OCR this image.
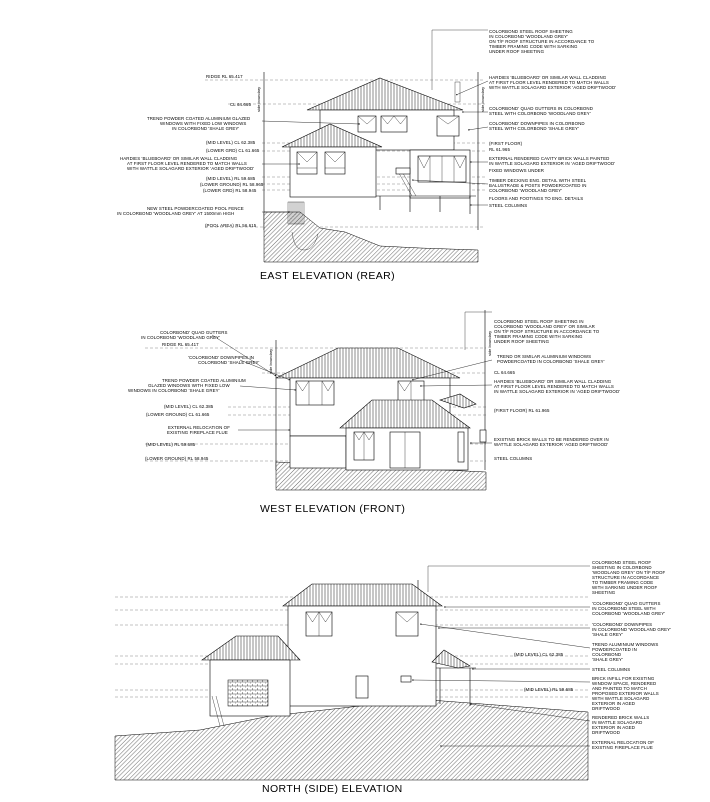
side boundary	side boundary
RIDGE RL 65.417
CL 64.665
TREND POWDER COATED ALUMINIUM GLAZED
WINDOWS WITH FIXED LOW WINDOWS
IN COLORBOND 'SHALE GREY'
(MID LEVEL) CL 62.385
(LOWER GRD) CL 61.665
HARDIES 'BLUEBOARD' OR SIMILAR WALL CLADDING
AT FIRST FLOOR LEVEL RENDERED TO MATCH WALLS
WITH WATTLE SOLAGARD EXTERIOR 'AGED DRIFTWOOD'
(MID LEVEL) RL 59.685
(LOWER GROUND) RL 58.965
(LOWER GRD) RL 58.945
NEW STEEL POWDERCOATED POOL FENCE
IN COLORBOND 'WOODLAND GREY' AT 1500mm HIGH
(POOL AREA) RL 56.615
COLORBOND STEEL ROOF SHEETING
IN COLORBOND 'WOODLAND GREY'
ON T/F ROOF STRUCTURE IN ACCORDANCE TO
TIMBER FRAMING CODE WITH SARKING
UNDER ROOF SHEETING
HARDIES 'BLUEBOARD' OR SIMILAR WALL CLADDING
AT FIRST FLOOR LEVEL RENDERED TO MATCH WALLS
WITH WATTLE SOLAGARD EXTERIOR 'AGED DRIFTWOOD'
COLORBOND' QUAD GUTTERS IN COLORBOND
STEEL WITH COLORBOND 'WOODLAND GREY'
COLORBOND' DOWNPIPES IN COLORBOND
STEEL WITH COLORBOND 'SHALE GREY'
(FIRST FLOOR)
RL 61.965
EXTERNAL RENDERED CAVITY BRICK WALLS PAINTED
IN WATTLE SOLAGARD EXTERIOR IN 'AGED DRIFTWOOD'
FIXED WINDOWS UNDER
TIMBER DECKING ENG. DETAIL WITH STEEL
BALUSTRADE & POSTS POWDERCOATED IN
COLORBOND 'WOODLAND GREY'
FLOORS AND FOOTINGS TO ENG. DETAILS
STEEL COLUMNS
EAST ELEVATION (REAR)
side boundary
side boundary
COLORBOND' QUAD GUTTERS
IN COLORBOND 'WOODLAND GREY'
RIDGE RL 65.417
'COLORBOND' DOWNPIPES IN
COLORBOND 'SHALE GREY'
TREND POWDER COATED ALUMINIUM
GLAZED WINDOWS WITH FIXED LOW
WINDOWS IN COLORBOND 'SHALE GREY'
(MID LEVEL) CL 62.385
(LOWER GROUND) CL 61.665
EXTERNAL RELOCATION OF
EXISTING FIREPLACE FLUE
(MID LEVEL) RL 59.685
(LOWER GROUND) RL 58.945
COLORBOND STEEL ROOF SHEETING IN
COLORBOND 'WOODLAND GREY' OR SIMILAR
ON T/F ROOF STRUCTURE IN ACCORDANCE TO
TIMBER FRAMING CODE WITH SARKING
UNDER ROOF SHEETING
TREND OR SIMILAR ALUMINIUM WINDOWS
POWDERCOATED IN COLORBOND 'SHALE GREY'
CL 64.665
HARDIES 'BLUEBOARD' OR SIMILAR WALL CLADDING
AT FIRST FLOOR LEVEL RENDERED TO MATCH WALLS
IN WATTLE SOLAGARD EXTERIOR IN 'AGED DRIFTWOOD'
(FIRST FLOOR) RL 61.965
EXISTING BRICK WALLS TO BE RENDERED OVER IN
WATTLE SOLAGARD EXTERIOR 'AGED DRIFTWOOD'
STEEL COLUMNS
WEST ELEVATION (FRONT)
COLORBOND STEEL ROOF
SHEETING IN COLORBOND
'WOODLAND GREY' ON T/F ROOF
STRUCTURE IN ACCORDANCE
TO TIMBER FRAMING CODE
WITH SARKING UNDER ROOF
SHEETING
'COLORBOND' QUAD GUTTERS
IN COLORBOND STEEL WITH
COLORBOND 'WOODLAND GREY'
'COLORBOND' DOWNPIPES
IN COLORBOND 'WOODLAND GREY'
'SHALE GREY'
TREND ALUMINIUM WINDOWS
POWDERCOATED IN
COLORBOND
'SHALE GREY'
STEEL COLUMNS
BRICK INFILL FOR EXISTING
WINDOW SPACE, RENDERED
AND PAINTED TO MATCH
PROPOSED EXTERIOR WALLS
WITH WATTLE SOLAGARD
EXTERIOR IN AGED
DRIFTWOOD
RENDERED BRICK WALLS
IN WATTLE SOLAGARD
EXTERIOR IN AGED
DRIFTWOOD
EXTERNAL RELOCATION OF
EXISTING FIREPLACE FLUE
(MID LEVEL) CL 62.385
(MID LEVEL) RL 59.685
NORTH (SIDE) ELEVATION
